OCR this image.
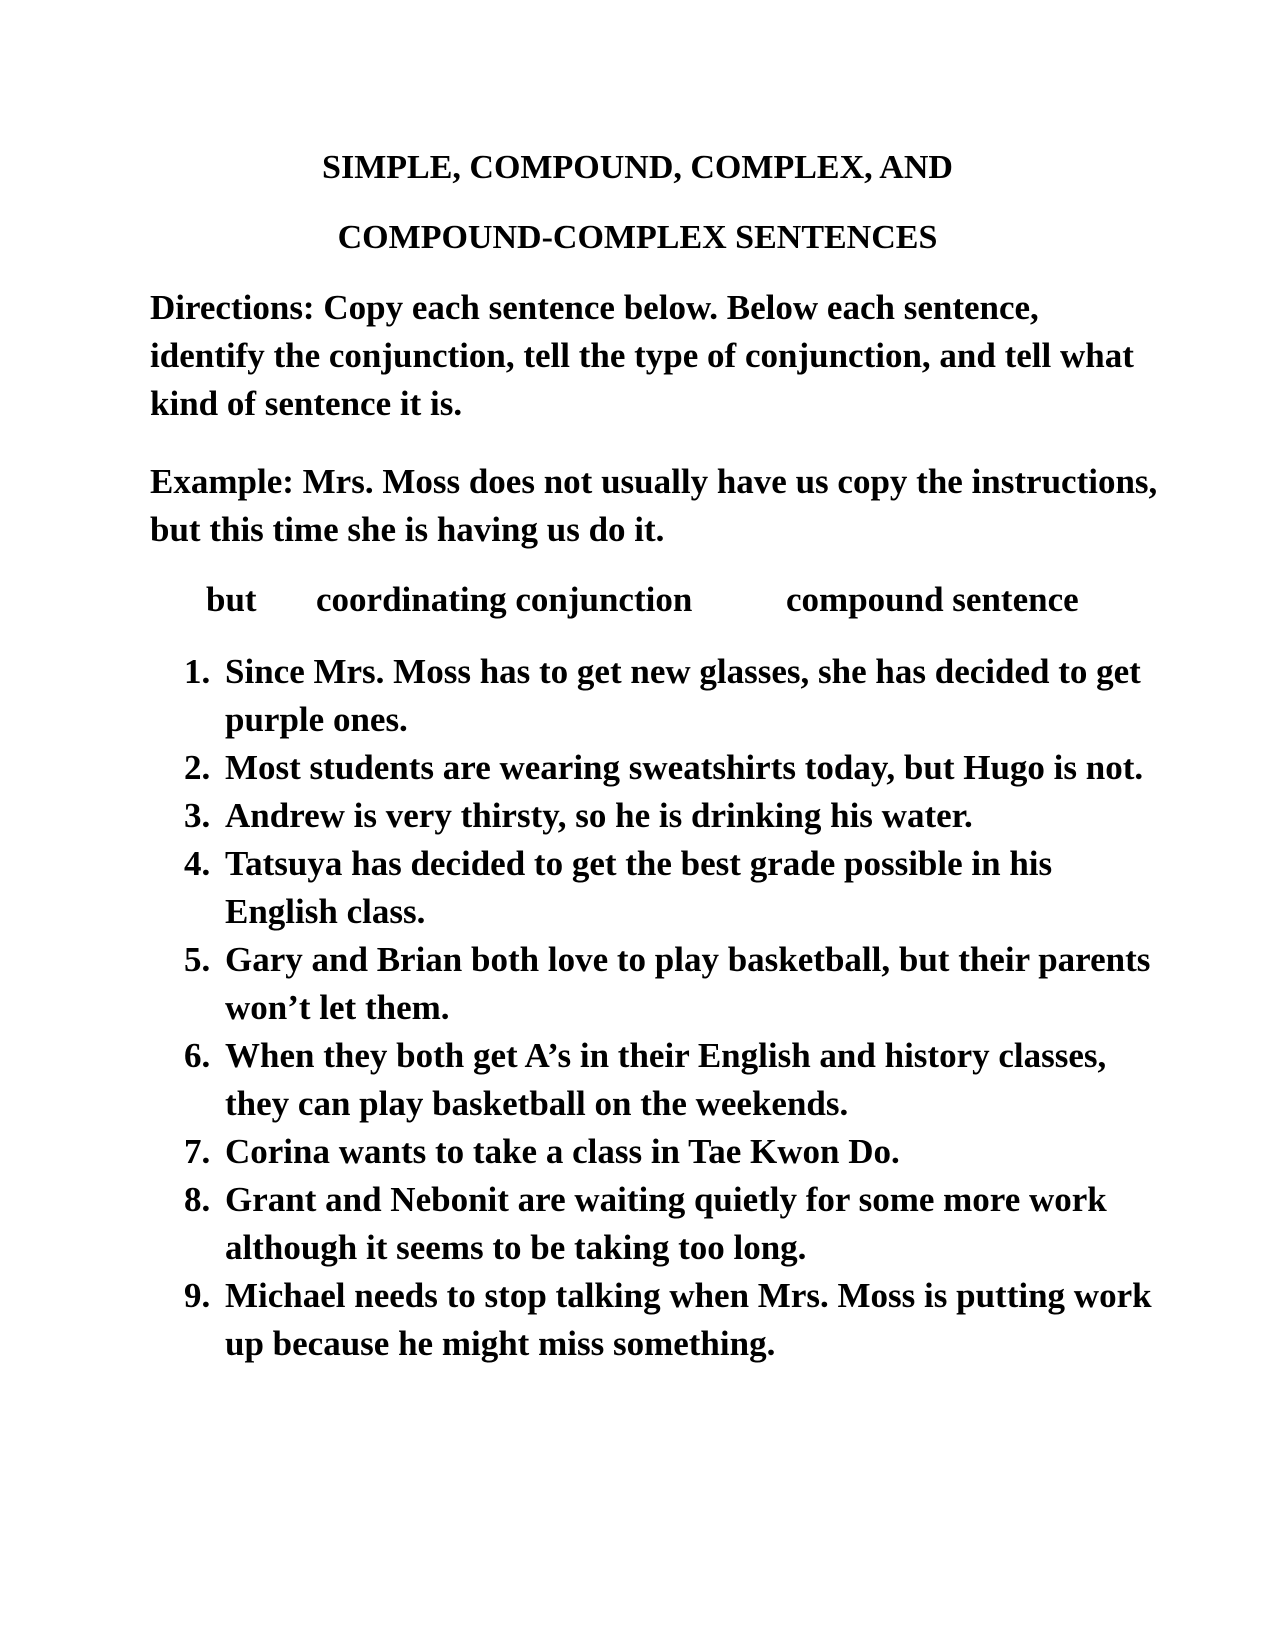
SIMPLE, COMPOUND, COMPLEX, AND
COMPOUND-COMPLEX SENTENCES
Directions: Copy each sentence below. Below each sentence, identify the conjunction, tell the type of conjunction, and tell what kind of sentence it is.
Example: Mrs. Moss does not usually have us copy the instructions, but this time she is having us do it.
but coordinating conjunction	compound sentence
1. Since Mrs. Moss has to get new glasses, she has decided to get purple ones.
2. Most students are wearing sweatshirts today, but Hugo is not.
3. Andrew is very thirsty, so he is drinking his water.
4. Tatsuya has decided to get the best grade possible in his English class.
5. Gary and Brian both love to play basketball, but their parents won’t let them.
6. When they both get A’s in their English and history classes, they can play basketball on the weekends.
7. Corina wants to take a class in Tae Kwon Do.
8. Grant and Nebonit are waiting quietly for some more work although it seems to be taking too long.
9. Michael needs to stop talking when Mrs. Moss is putting work up because he might miss something.
